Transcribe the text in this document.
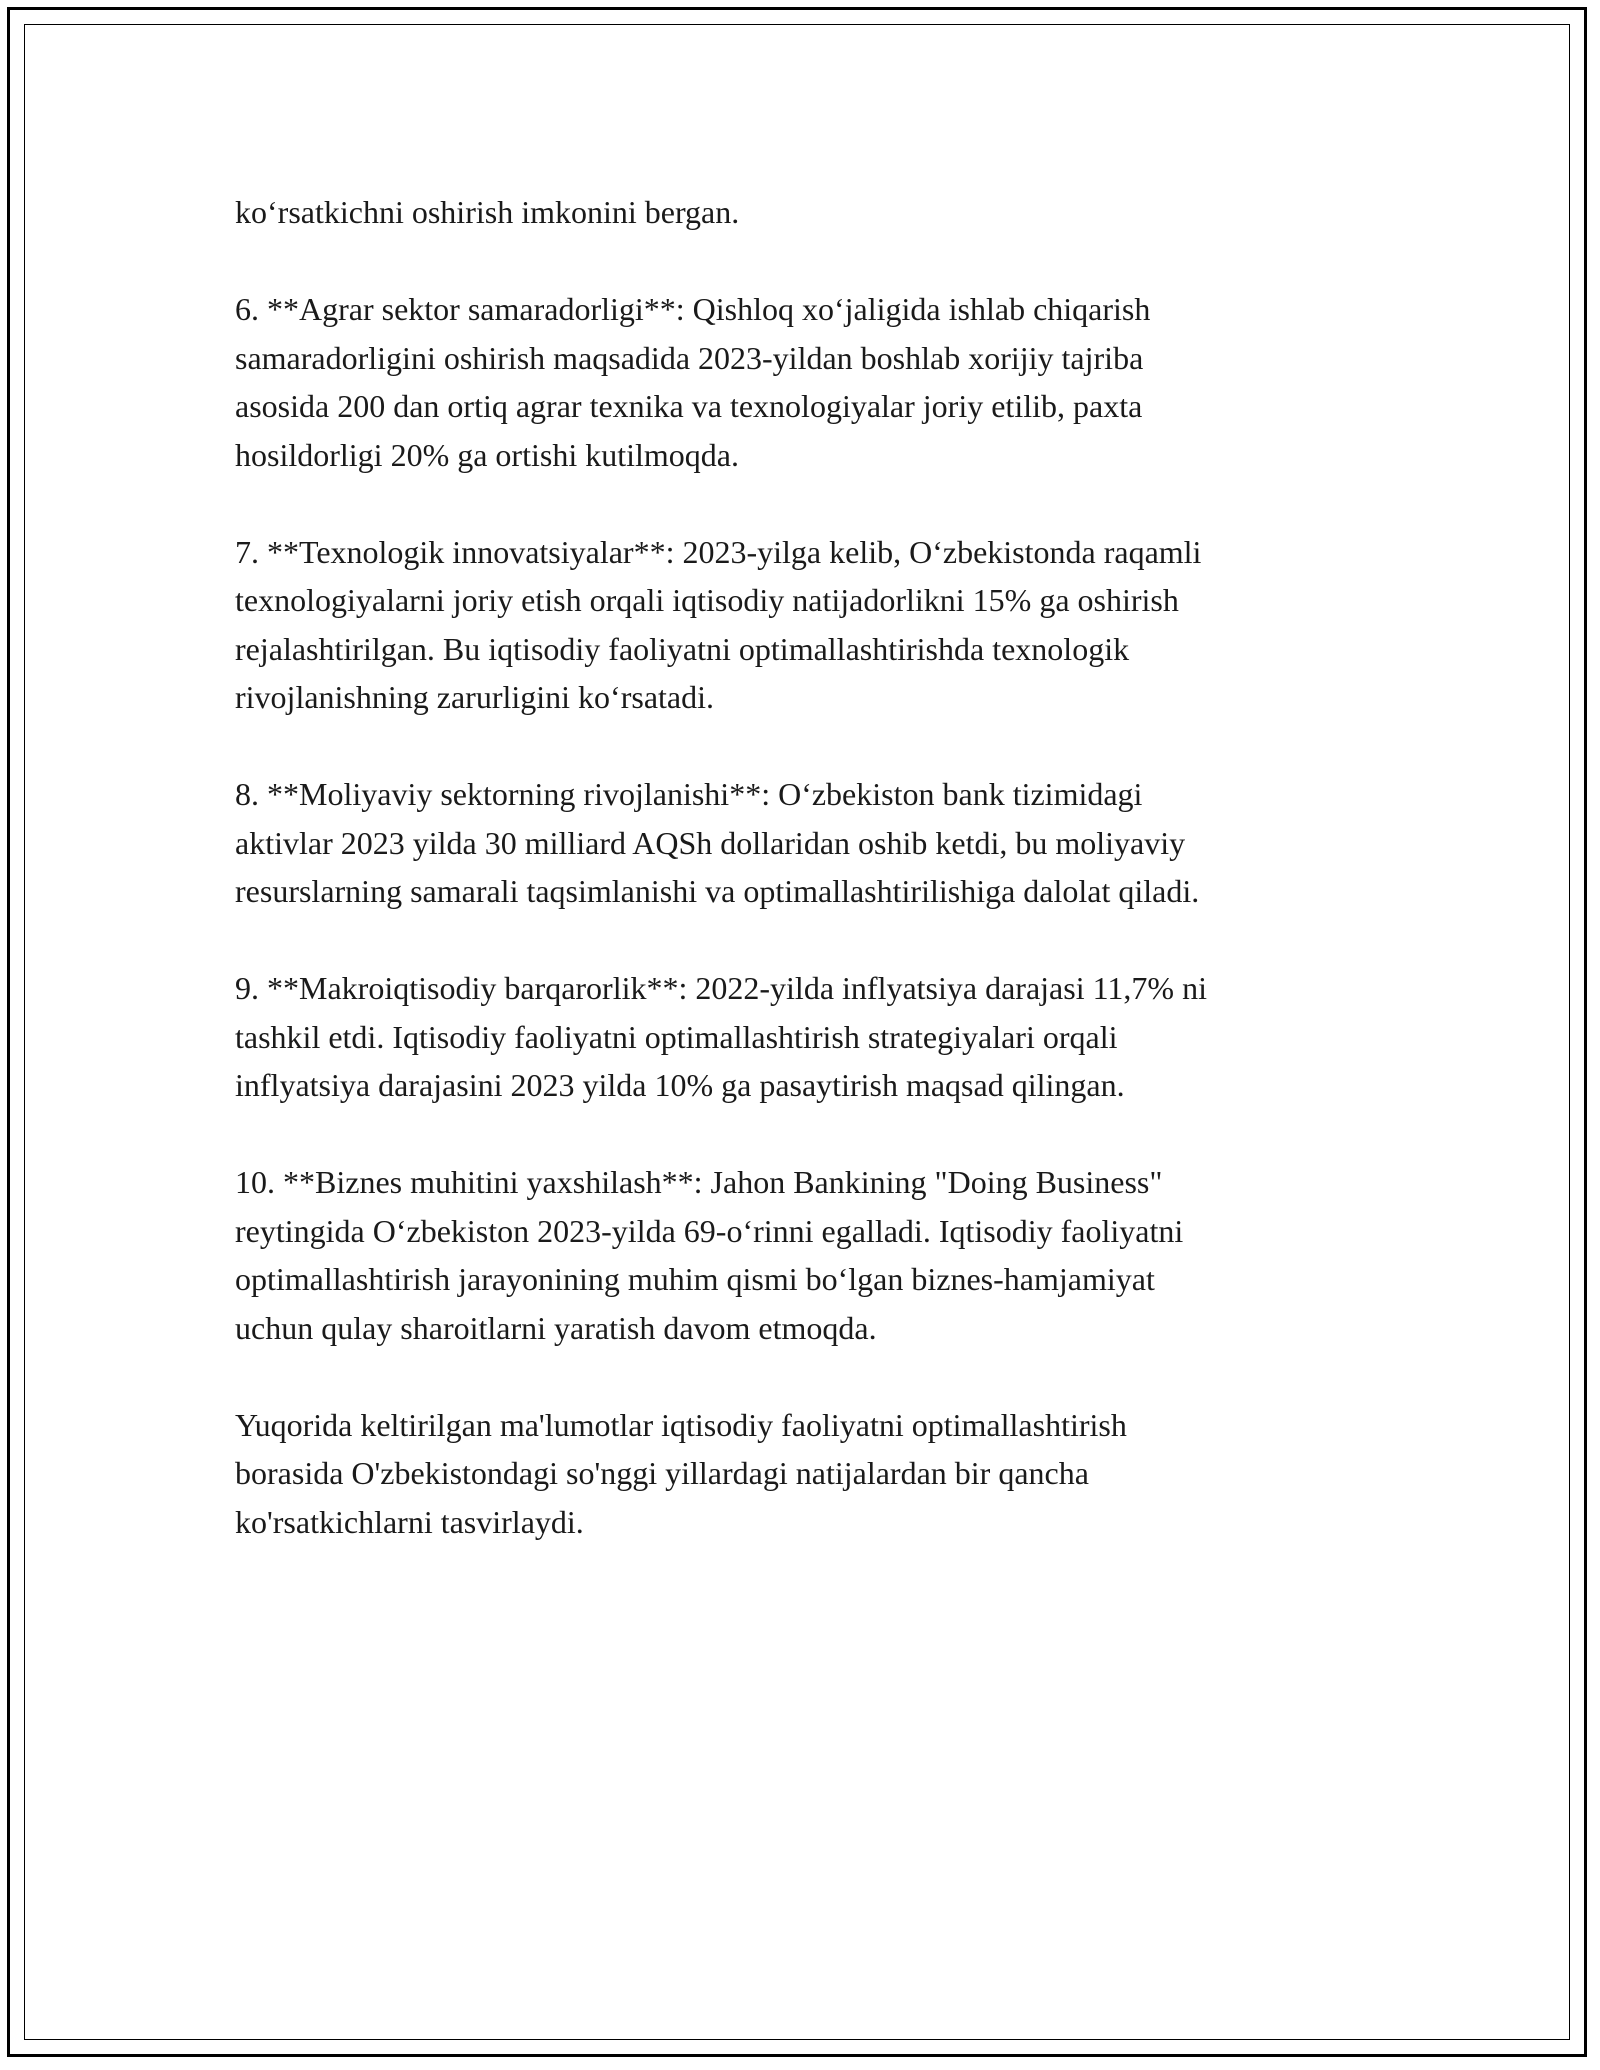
ko‘rsatkichni oshirish imkonini bergan.

6. **Agrar sektor samaradorligi**: Qishloq xo‘jaligida ishlab chiqarish
samaradorligini oshirish maqsadida 2023-yildan boshlab xorijiy tajriba
asosida 200 dan ortiq agrar texnika va texnologiyalar joriy etilib, paxta
hosildorligi 20% ga ortishi kutilmoqda.

7. **Texnologik innovatsiyalar**: 2023-yilga kelib, O‘zbekistonda raqamli
texnologiyalarni joriy etish orqali iqtisodiy natijadorlikni 15% ga oshirish
rejalashtirilgan. Bu iqtisodiy faoliyatni optimallashtirishda texnologik
rivojlanishning zarurligini ko‘rsatadi.

8. **Moliyaviy sektorning rivojlanishi**: O‘zbekiston bank tizimidagi
aktivlar 2023 yilda 30 milliard AQSh dollaridan oshib ketdi, bu moliyaviy
resurslarning samarali taqsimlanishi va optimallashtirilishiga dalolat qiladi.

9. **Makroiqtisodiy barqarorlik**: 2022-yilda inflyatsiya darajasi 11,7% ni
tashkil etdi. Iqtisodiy faoliyatni optimallashtirish strategiyalari orqali
inflyatsiya darajasini 2023 yilda 10% ga pasaytirish maqsad qilingan.

10. **Biznes muhitini yaxshilash**: Jahon Bankining "Doing Business"
reytingida O‘zbekiston 2023-yilda 69-o‘rinni egalladi. Iqtisodiy faoliyatni
optimallashtirish jarayonining muhim qismi bo‘lgan biznes-hamjamiyat
uchun qulay sharoitlarni yaratish davom etmoqda.

Yuqorida keltirilgan ma'lumotlar iqtisodiy faoliyatni optimallashtirish
borasida O'zbekistondagi so'nggi yillardagi natijalardan bir qancha
ko'rsatkichlarni tasvirlaydi.
